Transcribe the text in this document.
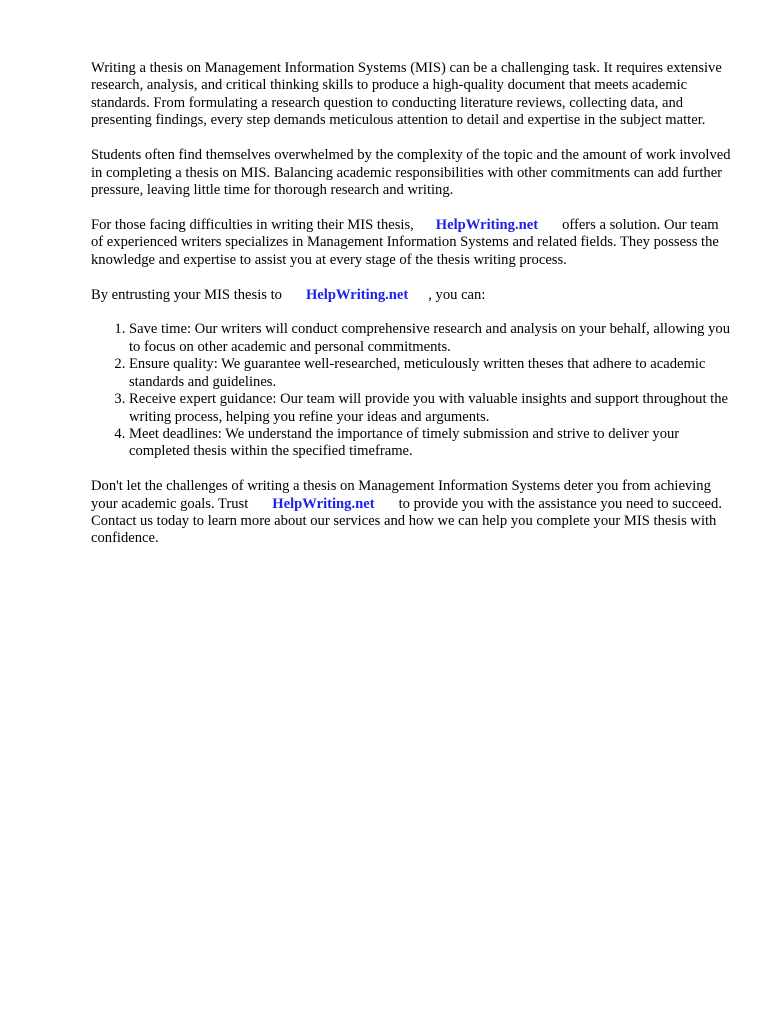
Writing a thesis on Management Information Systems (MIS) can be a challenging task. It requires extensive research, analysis, and critical thinking skills to produce a high-quality document that meets academic standards. From formulating a research question to conducting literature reviews, collecting data, and presenting findings, every step demands meticulous attention to detail and expertise in the subject matter.

Students often find themselves overwhelmed by the complexity of the topic and the amount of work involved in completing a thesis on MIS. Balancing academic responsibilities with other commitments can add further pressure, leaving little time for thorough research and writing.

For those facing difficulties in writing their MIS thesis, HelpWriting.net offers a solution. Our team of experienced writers specializes in Management Information Systems and related fields. They possess the knowledge and expertise to assist you at every stage of the thesis writing process.

By entrusting your MIS thesis to HelpWriting.net , you can:

1. Save time: Our writers will conduct comprehensive research and analysis on your behalf, allowing you to focus on other academic and personal commitments.
2. Ensure quality: We guarantee well-researched, meticulously written theses that adhere to academic standards and guidelines.
3. Receive expert guidance: Our team will provide you with valuable insights and support throughout the writing process, helping you refine your ideas and arguments.
4. Meet deadlines: We understand the importance of timely submission and strive to deliver your completed thesis within the specified timeframe.

Don't let the challenges of writing a thesis on Management Information Systems deter you from achieving your academic goals. Trust HelpWriting.net to provide you with the assistance you need to succeed. Contact us today to learn more about our services and how we can help you complete your MIS thesis with confidence.
